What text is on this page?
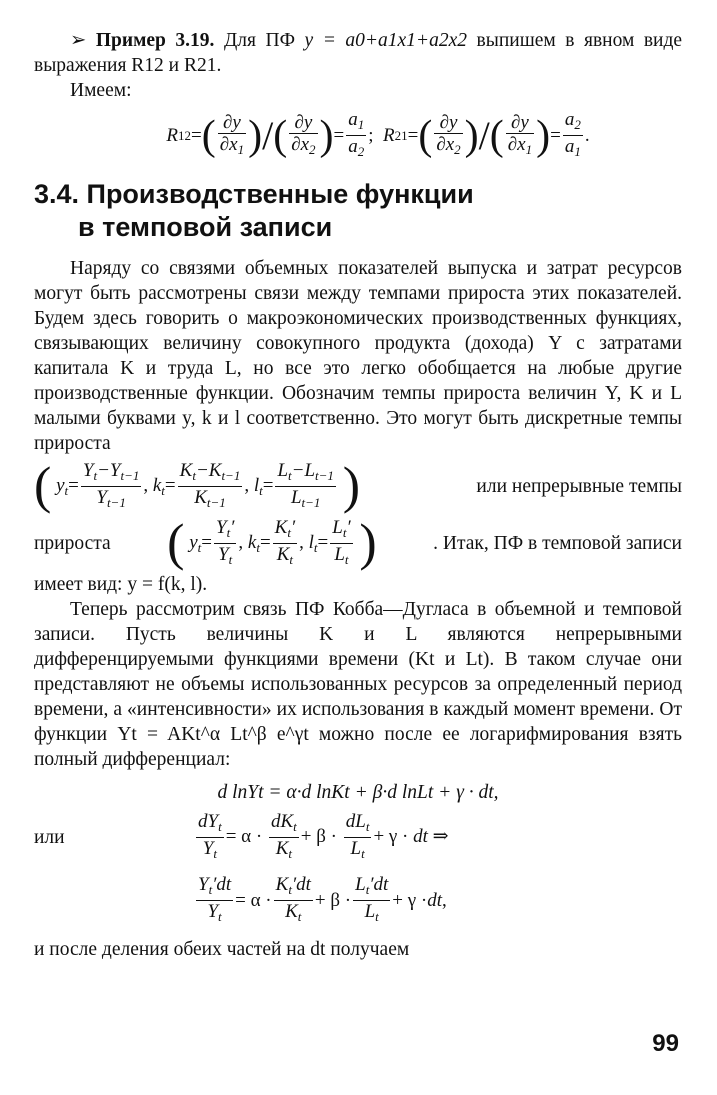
➢ Пример 3.19. Для ПФ y = a0+a1x1+a2x2 выпишем в явном виде выражения R12 и R21.

Имеем:

R 12 = ( $\frac{\partial y}{\partial x_1}$ ) / ( $\frac{\partial y}{\partial x_2}$ ) = $\frac{a_1}{a_2}$ ; R 21 = ( $\frac{\partial y}{\partial x_2}$ ) / ( $\frac{\partial y}{\partial x_1}$ ) = $\frac{a_2}{a_1}$ .
3.4. Производственные функции
в темповой записи

Наряду со связями объемных показателей выпуска и затрат ресурсов могут быть рассмотрены связи между темпами прироста этих показателей. Будем здесь говорить о макроэкономических производственных функциях, связывающих величину совокупного продукта (дохода) Y с затратами капитала K и труда L, но все это легко обобщается на любые другие производственные функции. Обозначим темпы прироста величин Y, K и L малыми буквами y, k и l соответственно. Это могут быть дискретные темпы прироста

( $y_t= \frac{Y_t-Y_{t-1}}{Y_{t-1}}$ , $k_t= \frac{K_t-K_{t-1}}{K_{t-1}}$ , $l_t= \frac{L_t-L_{t-1}}{L_{t-1}}$ )	или непрерывные темпы
прироста ( $y_t= \frac{Y_t'}{Y_t}$ , $k_t= \frac{K_t'}{K_t}$ , $l_t= \frac{L_t'}{L_t}$ )	. Итак, ПФ в темповой записи

имеет вид: y = f(k, l).

Теперь рассмотрим связь ПФ Кобба—Дугласа в объемной и темповой записи. Пусть величины K и L являются непрерывными дифференцируемыми функциями времени (Kt и Lt). В таком случае они представляют не объемы использованных ресурсов за определенный период времени, а «интенсивности» их использования в каждый момент времени. От функции Yt = AKt^α Lt^β e^γt можно после ее логарифмирования взять полный дифференциал:

d lnYt = α·d lnKt + β·d lnLt + γ · dt,
или	$\frac{dY_t}{Y_t} = \alpha \cdot \frac{dK_t}{K_t} + \beta \cdot \frac{dL_t}{L_t} + \gamma$ · dt ⇒
$\frac{Y_t'dt}{Y_t} = \alpha \cdot \frac{K_t'dt}{K_t} + \beta \cdot \frac{L_t'dt}{L_t} + \gamma$ · dt ,

и после деления обеих частей на dt получаем

99
